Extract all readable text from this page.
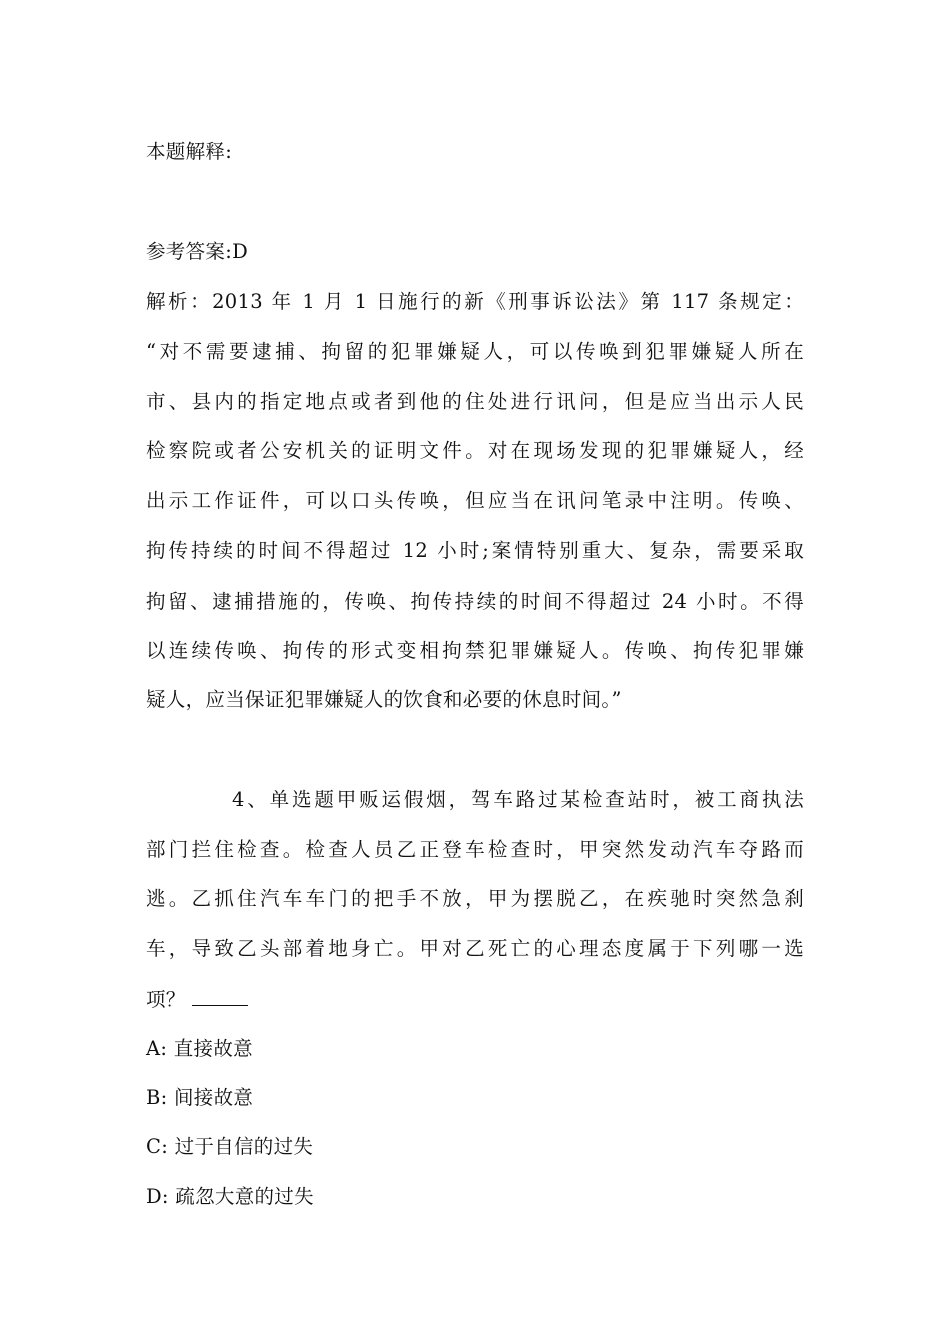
本题解释:
参考答案:D
解析：2013 年 1 月 1 日施行的新《刑事诉讼法》第 117 条规定：
“对不需要逮捕、拘留的犯罪嫌疑人，可以传唤到犯罪嫌疑人所在
市、县内的指定地点或者到他的住处进行讯问，但是应当出示人民
检察院或者公安机关的证明文件。对在现场发现的犯罪嫌疑人，经
出示工作证件，可以口头传唤，但应当在讯问笔录中注明。传唤、
拘传持续的时间不得超过 12 小时;案情特别重大、复杂，需要采取
拘留、逮捕措施的，传唤、拘传持续的时间不得超过 24 小时。不得
以连续传唤、拘传的形式变相拘禁犯罪嫌疑人。传唤、拘传犯罪嫌
疑人，应当保证犯罪嫌疑人的饮食和必要的休息时间。”
4、单选题甲贩运假烟，驾车路过某检查站时，被工商执法
部门拦住检查。检查人员乙正登车检查时，甲突然发动汽车夺路而
逃。乙抓住汽车车门的把手不放，甲为摆脱乙，在疾驰时突然急刹
车，导致乙头部着地身亡。甲对乙死亡的心理态度属于下列哪一选
项？
A: 直接故意
B: 间接故意
C: 过于自信的过失
D: 疏忽大意的过失
